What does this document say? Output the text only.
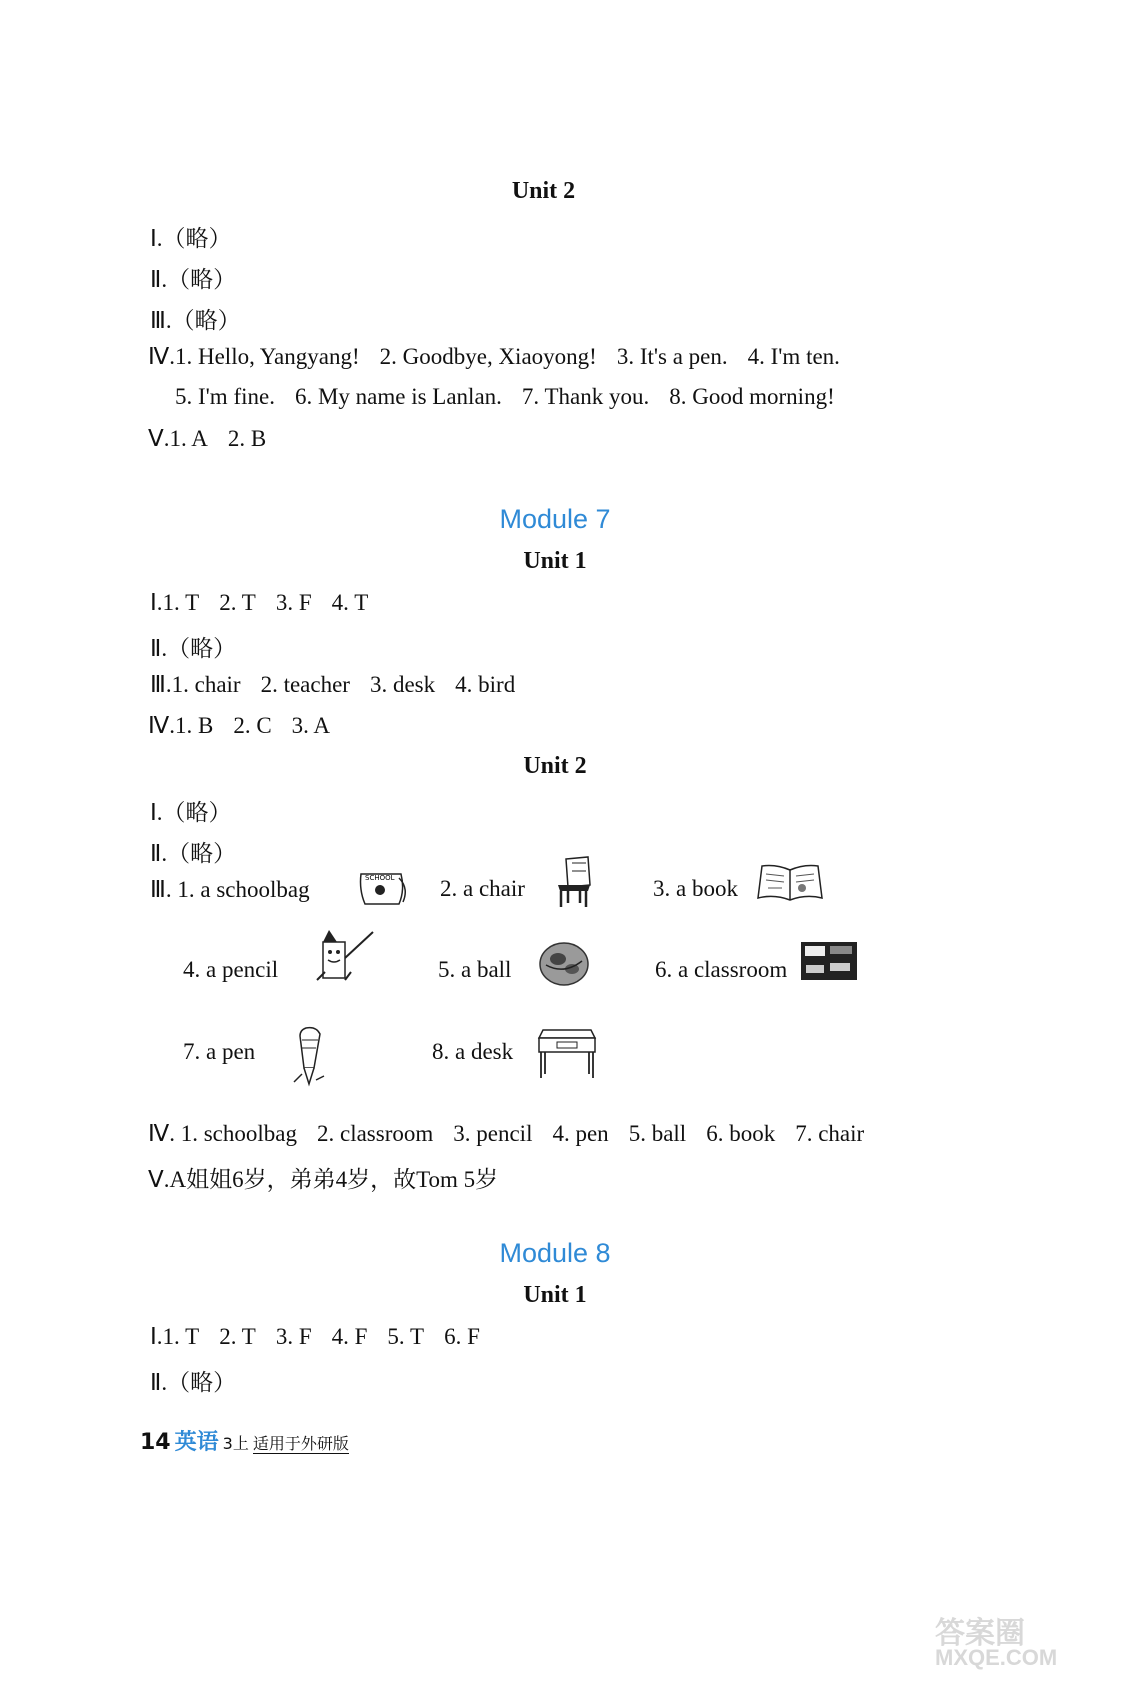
Unit 2
Ⅰ.（略）
Ⅱ.（略）
Ⅲ.（略）
Ⅳ.1. Hello, Yangyang! 2. Goodbye, Xiaoyong! 3. It's a pen. 4. I'm ten.
5. I'm fine. 6. My name is Lanlan. 7. Thank you. 8. Good morning!
Ⅴ.1. A 2. B
Module 7
Unit 1
Ⅰ.1. T 2. T 3. F 4. T
Ⅱ.（略）
Ⅲ.1. chair 2. teacher 3. desk 4. bird
Ⅳ.1. B 2. C 3. A
Unit 2
Ⅰ.（略）
Ⅱ.（略）
Ⅲ. 1. a schoolbag	SCHOOL 2. a chair	3. a book
4. a pencil	5. a ball	6. a classroom
7. a pen	8. a desk
Ⅳ. 1. schoolbag 2. classroom 3. pencil 4. pen 5. ball 6. book 7. chair
Ⅴ.A姐姐6岁，弟弟4岁，故Tom 5岁
Module 8
Unit 1
Ⅰ.1. T 2. T 3. F 4. F 5. T 6. F
Ⅱ.（略）
14 英语 3上 适用于外研版
答案圈
MXQE.COM
